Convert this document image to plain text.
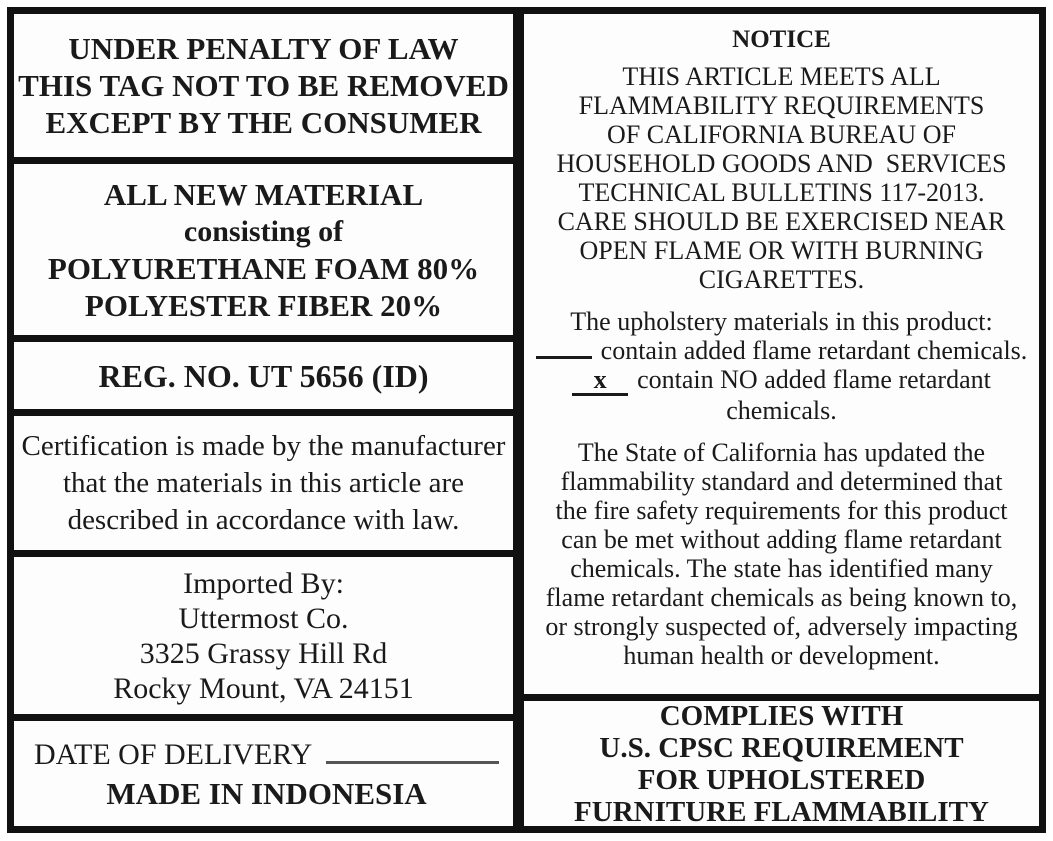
UNDER PENALTY OF LAW
THIS TAG NOT TO BE REMOVED
EXCEPT BY THE CONSUMER
ALL NEW MATERIAL
consisting of
POLYURETHANE FOAM 80%
POLYESTER FIBER 20%
REG. NO. UT 5656 (ID)
Certification is made by the manufacturer
that the materials in this article are
described in accordance with law.
Imported By:
Uttermost Co.
3325 Grassy Hill Rd
Rocky Mount, VA 24151
DATE OF DELIVERY
MADE IN INDONESIA
NOTICE
THIS ARTICLE MEETS ALL
FLAMMABILITY REQUIREMENTS
OF CALIFORNIA BUREAU OF
HOUSEHOLD GOODS AND  SERVICES
TECHNICAL BULLETINS 117-2013.
CARE SHOULD BE EXERCISED NEAR
OPEN FLAME OR WITH BURNING
CIGARETTES.
The upholstery materials in this product:
contain added flame retardant chemicals.
x	contain NO added flame retardant
chemicals.
The State of California has updated the
flammability standard and determined that
the fire safety requirements for this product
can be met without adding flame retardant
chemicals. The state has identified many
flame retardant chemicals as being known to,
or strongly suspected of, adversely impacting
human health or development.
COMPLIES WITH
U.S. CPSC REQUIREMENT
FOR UPHOLSTERED
FURNITURE FLAMMABILITY
